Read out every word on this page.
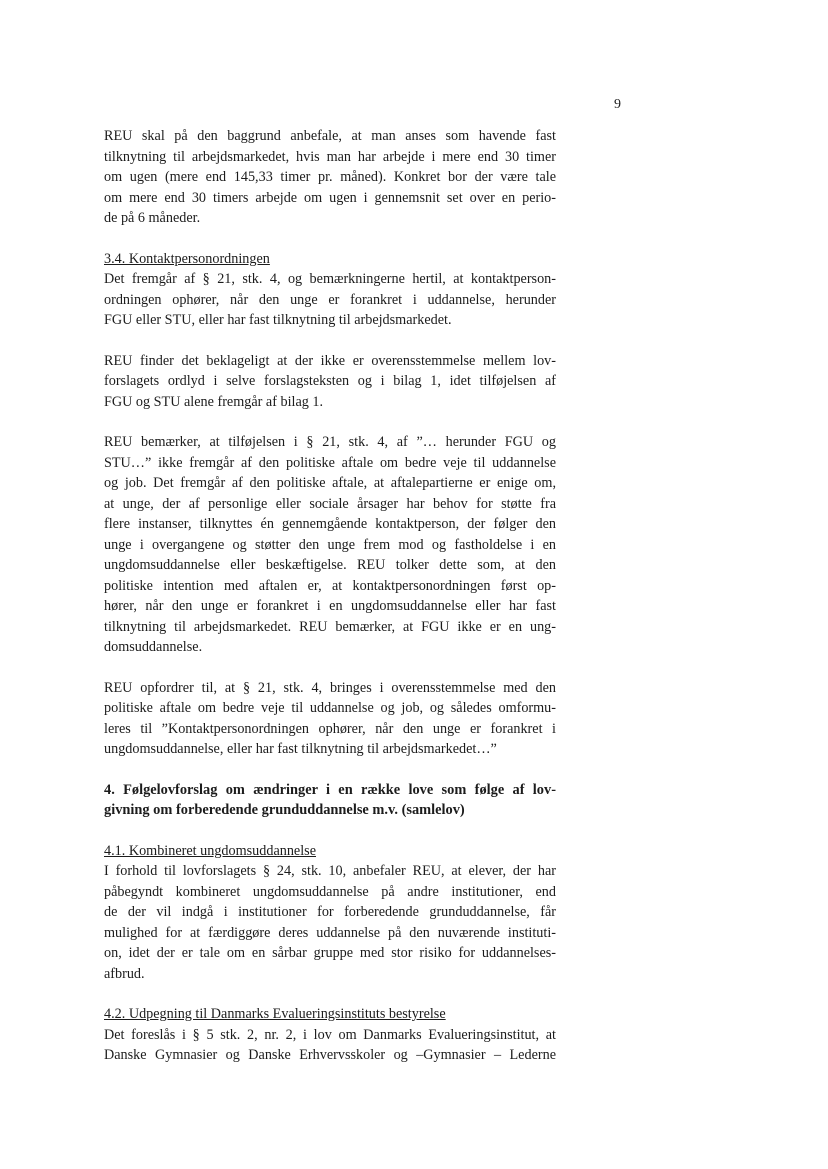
9
REU skal på den baggrund anbefale, at man anses som havende fast
tilknytning til arbejdsmarkedet, hvis man har arbejde i mere end 30 timer
om ugen (mere end 145,33 timer pr. måned). Konkret bor der være tale
om mere end 30 timers arbejde om ugen i gennemsnit set over en perio-
de på 6 måneder.
3.4. Kontaktpersonordningen
Det fremgår af § 21, stk. 4, og bemærkningerne hertil, at kontaktperson-
ordningen ophører, når den unge er forankret i uddannelse, herunder
FGU eller STU, eller har fast tilknytning til arbejdsmarkedet.
REU finder det beklageligt at der ikke er overensstemmelse mellem lov-
forslagets ordlyd i selve forslagsteksten og i bilag 1, idet tilføjelsen af
FGU og STU alene fremgår af bilag 1.
REU bemærker, at tilføjelsen i § 21, stk. 4, af ”… herunder FGU og
STU…” ikke fremgår af den politiske aftale om bedre veje til uddannelse
og job. Det fremgår af den politiske aftale, at aftalepartierne er enige om,
at unge, der af personlige eller sociale årsager har behov for støtte fra
flere instanser, tilknyttes én gennemgående kontaktperson, der følger den
unge i overgangene og støtter den unge frem mod og fastholdelse i en
ungdomsuddannelse eller beskæftigelse. REU tolker dette som, at den
politiske intention med aftalen er, at kontaktpersonordningen først op-
hører, når den unge er forankret i en ungdomsuddannelse eller har fast
tilknytning til arbejdsmarkedet. REU bemærker, at FGU ikke er en ung-
domsuddannelse.
REU opfordrer til, at § 21, stk. 4, bringes i overensstemmelse med den
politiske aftale om bedre veje til uddannelse og job, og således omformu-
leres til ”Kontaktpersonordningen ophører, når den unge er forankret i
ungdomsuddannelse, eller har fast tilknytning til arbejdsmarkedet…”
4. Følgelovforslag om ændringer i en række love som følge af lov-
givning om forberedende grunduddannelse m.v. (samlelov)
4.1. Kombineret ungdomsuddannelse
I forhold til lovforslagets § 24, stk. 10, anbefaler REU, at elever, der har
påbegyndt kombineret ungdomsuddannelse på andre institutioner, end
de der vil indgå i institutioner for forberedende grunduddannelse, får
mulighed for at færdiggøre deres uddannelse på den nuværende instituti-
on, idet der er tale om en sårbar gruppe med stor risiko for uddannelses-
afbrud.
4.2. Udpegning til Danmarks Evalueringsinstituts bestyrelse
Det foreslås i § 5 stk. 2, nr. 2, i lov om Danmarks Evalueringsinstitut, at
Danske Gymnasier og Danske Erhvervsskoler og –Gymnasier – Lederne
